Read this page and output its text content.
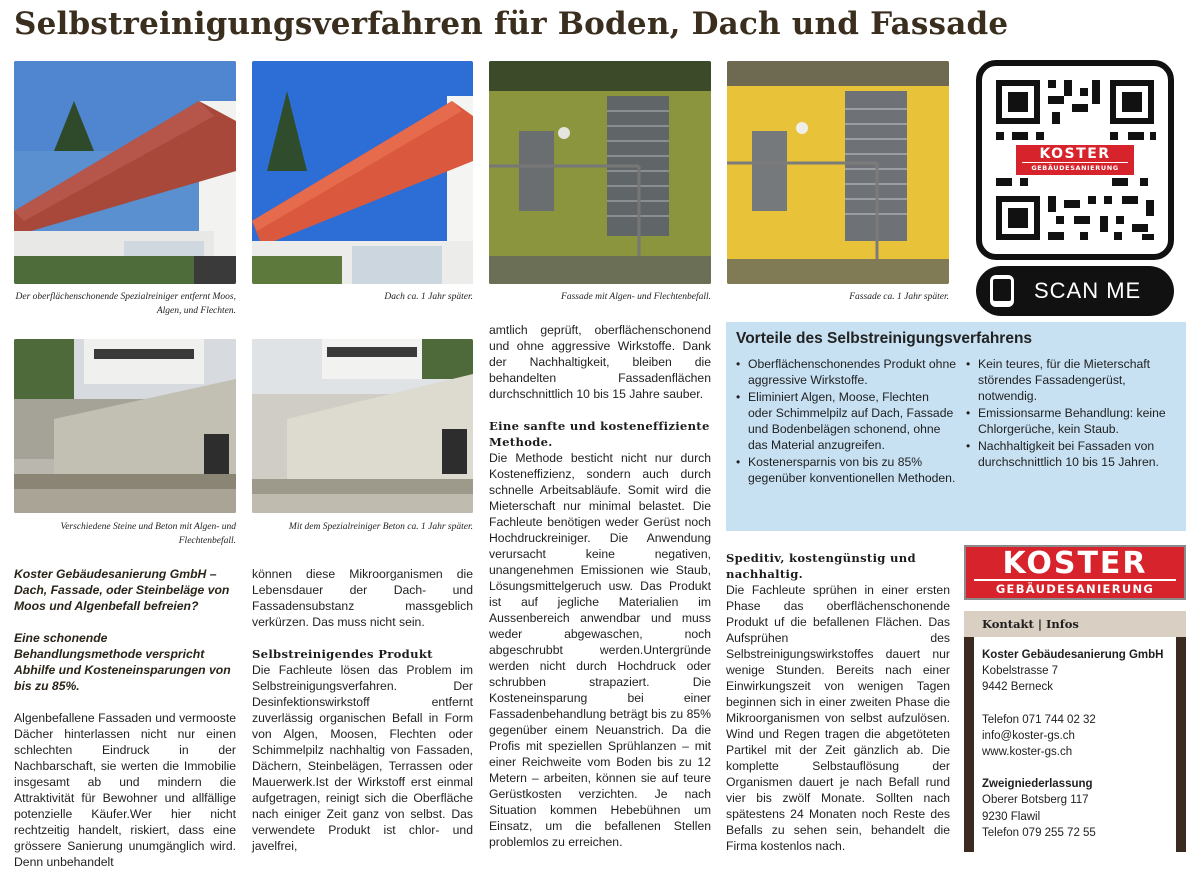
Selbstreinigungsverfahren für Boden, Dach und Fassade
Der oberflächenschonende Spezialreiniger entfernt Moos, Algen, und Flechten.
Dach ca. 1 Jahr später.	Fassade mit Algen- und Flechtenbefall.	Fassade ca. 1 Jahr später.
Verschiedene Steine und Beton mit Algen- und Flechtenbefall.
Mit dem Spezialreiniger Beton ca. 1 Jahr später.
Koster Gebäudesanierung GmbH – Dach, Fassade, oder Steinbeläge von Moos und Algenbefall befreien?
Eine schonende Behandlungsmethode verspricht Abhilfe und Kosteneinsparungen von bis zu 85%.

Algenbefallene Fassaden und vermooste Dächer hinterlassen nicht nur einen schlechten Eindruck in der Nachbarschaft, sie werten die Immobilie insgesamt ab und mindern die Attraktivität für Bewohner und allfällige potenzielle Käufer.Wer hier nicht rechtzeitig handelt, riskiert, dass eine grössere Sanierung unumgänglich wird. Denn unbehandelt

können diese Mikroorganismen die Lebensdauer der Dach- und Fassadensubstanz massgeblich verkürzen. Das muss nicht sein.

Selbstreinigendes Produkt

Die Fachleute lösen das Problem im Selbstreinigungsverfahren. Der Desinfektionswirkstoff entfernt zuverlässig organischen Befall in Form von Algen, Moosen, Flechten oder Schimmelpilz nachhaltig von Fassaden, Dächern, Steinbelägen, Terrassen oder Mauerwerk.Ist der Wirkstoff erst einmal aufgetragen, reinigt sich die Oberfläche nach einiger Zeit ganz von selbst. Das verwendete Produkt ist chlor- und javelfrei,

amtlich geprüft, oberflächenschonend und ohne aggressive Wirkstoffe. Dank der Nachhaltigkeit, bleiben die behandelten Fassadenflächen durchschnittlich 10 bis 15 Jahre sauber.

Eine sanfte und kosteneffiziente Methode.

Die Methode besticht nicht nur durch Kosteneffizienz, sondern auch durch schnelle Arbeitsabläufe. Somit wird die Mieterschaft nur minimal belastet. Die Fachleute benötigen weder Gerüst noch Hochdruckreiniger. Die Anwendung verursacht keine negativen, unangenehmen Emissionen wie Staub, Lösungsmittelgeruch usw. Das Produkt ist auf jegliche Materialien im Aussenbereich anwendbar und muss weder abgewaschen, noch abgeschrubbt werden.Untergründe werden nicht durch Hochdruck oder schrubben strapaziert. Die Kosteneinsparung bei einer Fassadenbehandlung beträgt bis zu 85% gegenüber einem Neuanstrich. Da die Profis mit speziellen Sprühlanzen – mit einer Reichweite vom Boden bis zu 12 Metern – arbeiten, können sie auf teure Gerüstkosten verzichten. Je nach Situation kommen Hebebühnen um Einsatz, um die befallenen Stellen problemlos zu erreichen.

Speditiv, kostengünstig und nachhaltig.

Die Fachleute sprühen in einer ersten Phase das oberflächenschonende Produkt uf die befallenen Flächen. Das Aufsprühen des Selbstreinigungswirkstoffes dauert nur wenige Stunden. Bereits nach einer Einwirkungszeit von wenigen Tagen beginnen sich in einer zweiten Phase die Mikroorganismen von selbst aufzulösen. Wind und Regen tragen die abgetöteten Partikel mit der Zeit gänzlich ab. Die komplette Selbstauflösung der Organismen dauert je nach Befall rund vier bis zwölf Monate. Sollten nach spätestens 24 Monaten noch Reste des Befalls zu sehen sein, behandelt die Firma kostenlos nach.

Vorteile des Selbstreinigungsverfahrens
• Oberflächenschonendes Produkt ohne aggressive Wirkstoffe.
• Eliminiert Algen, Moose, Flechten oder Schimmelpilz auf Dach, Fassade und Bodenbelägen schonend, ohne das Material anzugreifen.
• Kostenersparnis von bis zu 85% gegenüber konventionellen Methoden.
• Kein teures, für die Mieterschaft störendes Fassadengerüst, notwendig.
• Emissionsarme Behandlung: keine Chlorgerüche, kein Staub.
• Nachhaltigkeit bei Fassaden von durchschnittlich 10 bis 15 Jahren.
KOSTER
GEBÄUDESANIERUNG
SCAN ME
KOSTER
GEBÄUDESANIERUNG
Kontakt | Infos
Koster Gebäudesanierung GmbH
Kobelstrasse 7
9442 Berneck
Telefon 071 744 02 32
info@koster-gs.ch
www.koster-gs.ch
Zweigniederlassung
Oberer Botsberg 117
9230 Flawil
Telefon 079 255 72 55
